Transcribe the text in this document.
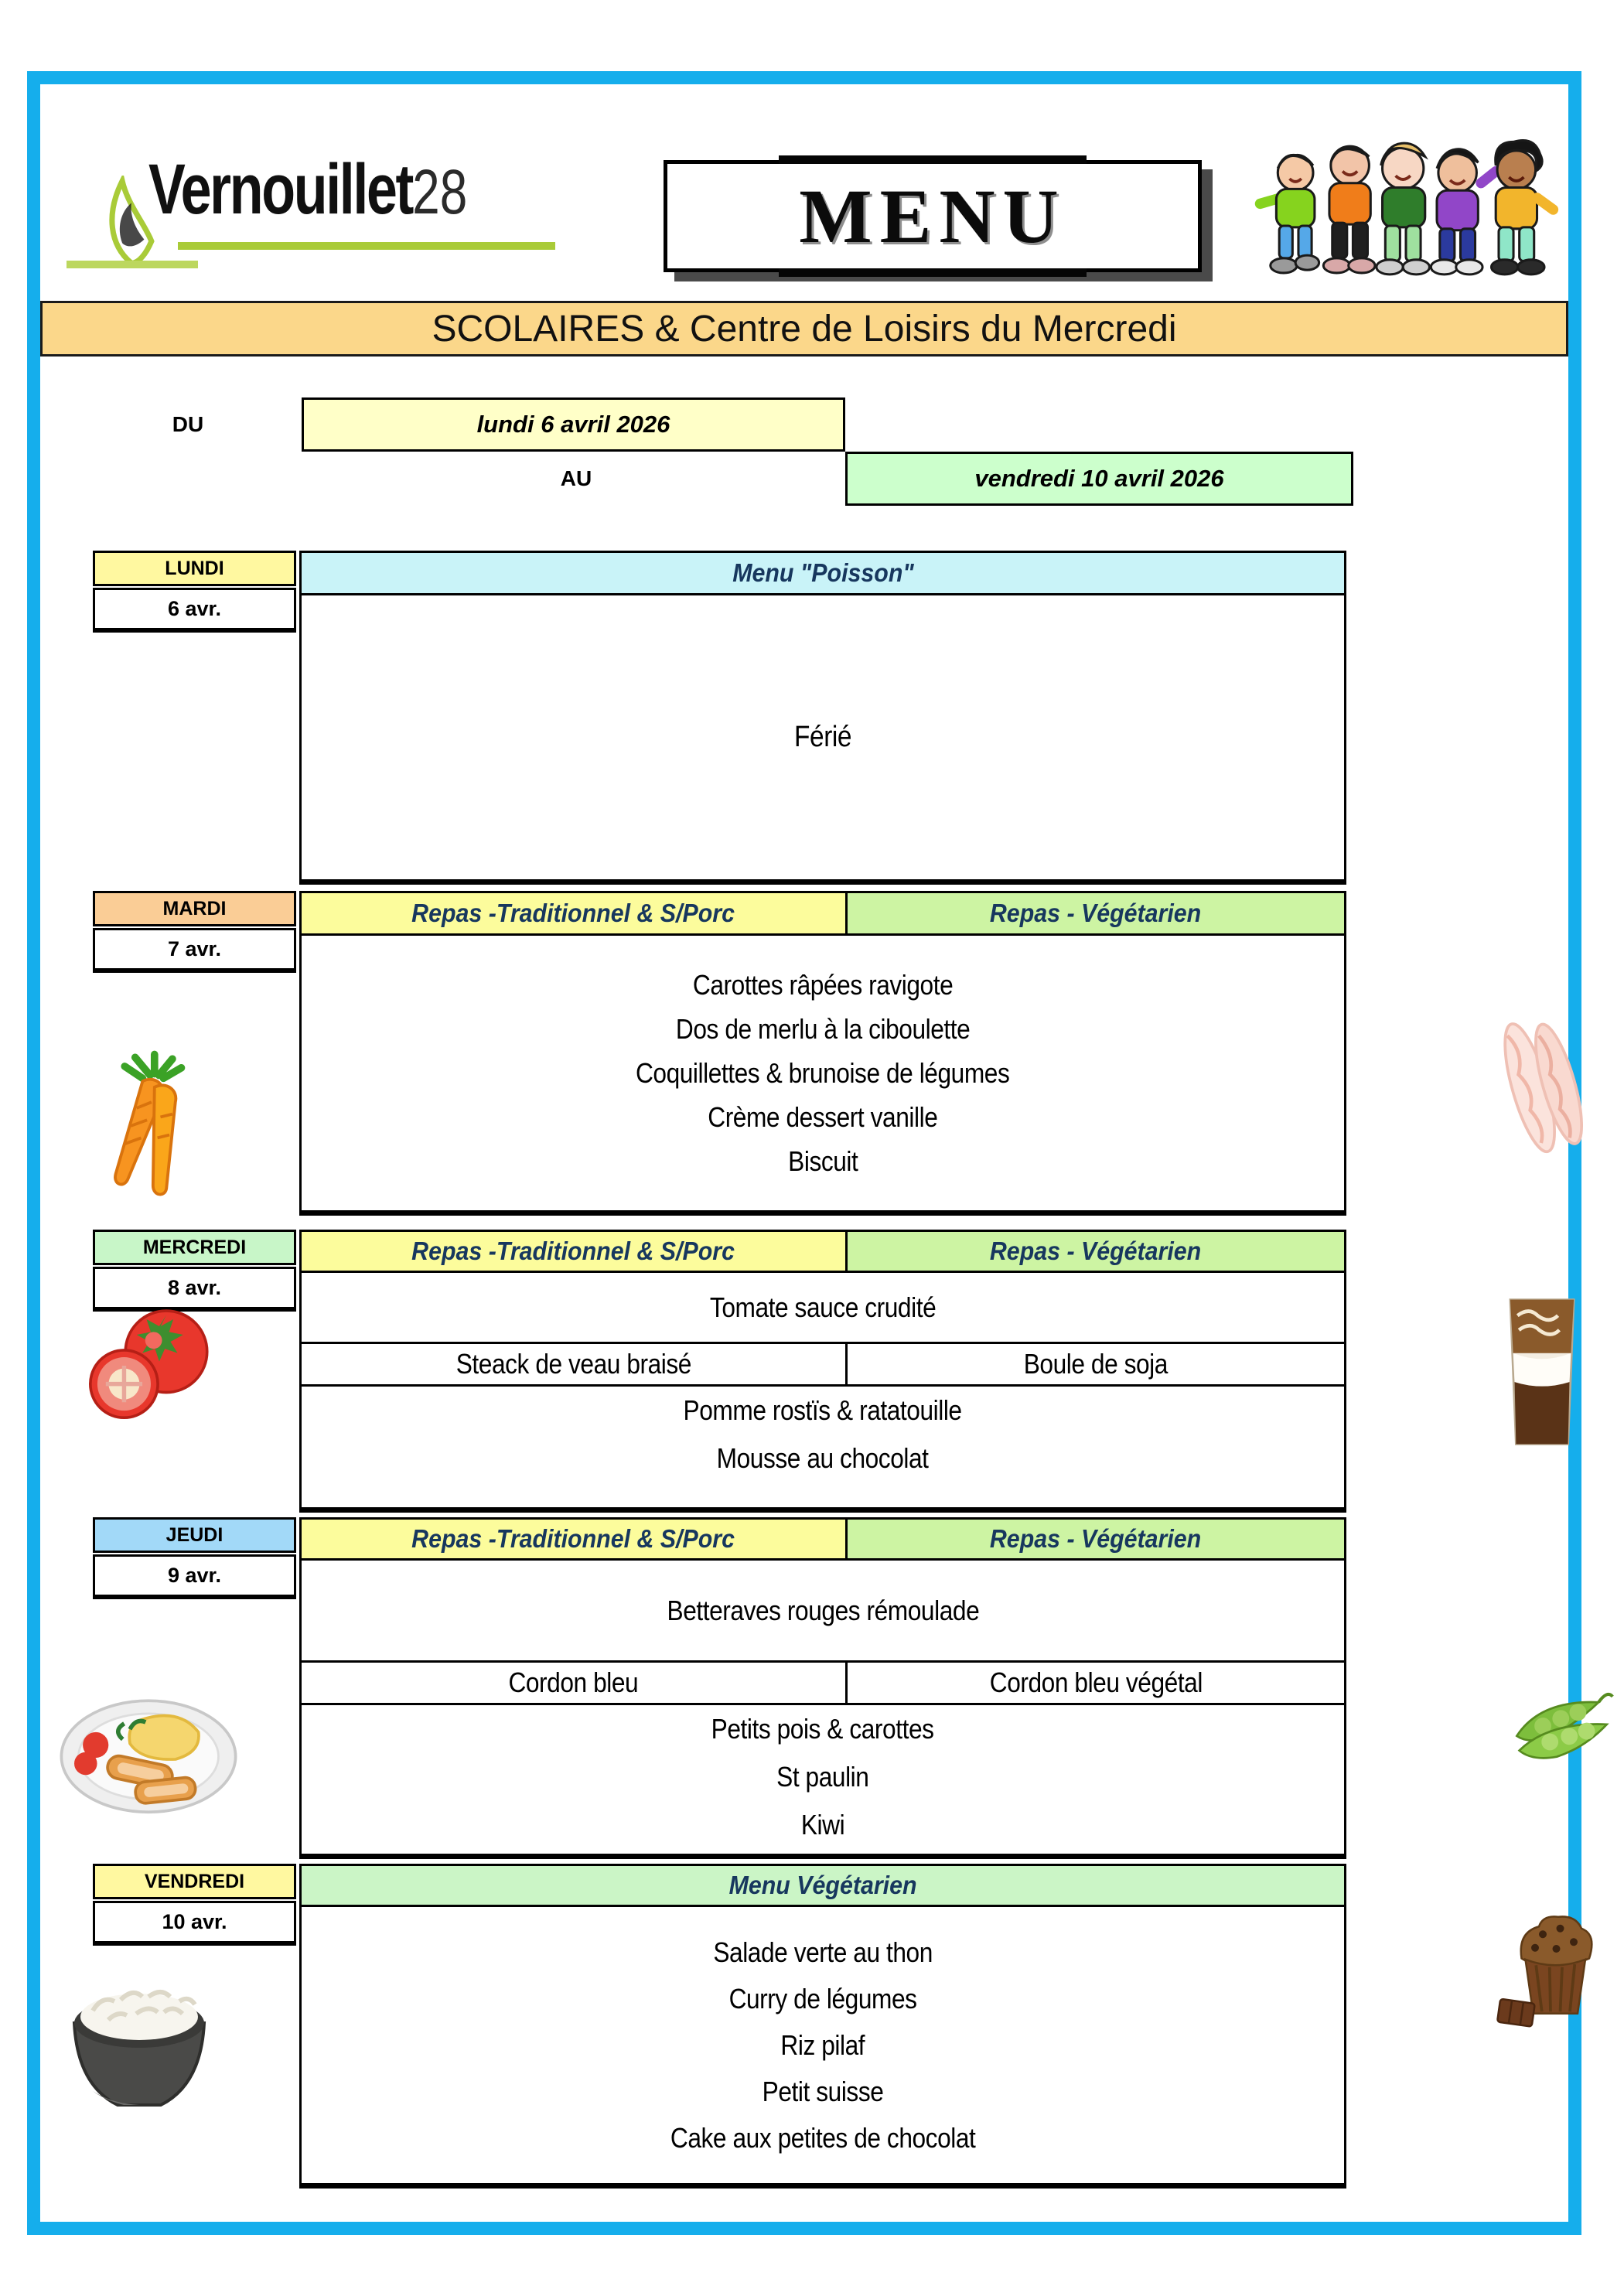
Vernouillet28	MENU
SCOLAIRES & Centre de Loisirs du Mercredi
DU	lundi 6 avril 2026
AU	vendredi 10 avril 2026
LUNDI
6 avr.
Menu "Poisson"
Férié
MARDI
7 avr.
Repas -Traditionnel & S/Porc	Repas - Végétarien
Carottes râpées ravigote
Dos de merlu à la ciboulette
Coquillettes & brunoise de légumes
Crème dessert vanille
Biscuit
MERCREDI
8 avr.
Repas -Traditionnel & S/Porc	Repas - Végétarien
Tomate sauce crudité
Steack de veau braisé	Boule de soja
Pomme rostïs & ratatouille
Mousse au chocolat
JEUDI
9 avr.
Repas -Traditionnel & S/Porc	Repas - Végétarien
Betteraves rouges rémoulade
Cordon bleu	Cordon bleu végétal
Petits pois & carottes
St paulin
Kiwi
VENDREDI
10 avr.
Menu Végétarien
Salade verte au thon
Curry de légumes
Riz pilaf
Petit suisse
Cake aux petites de chocolat
